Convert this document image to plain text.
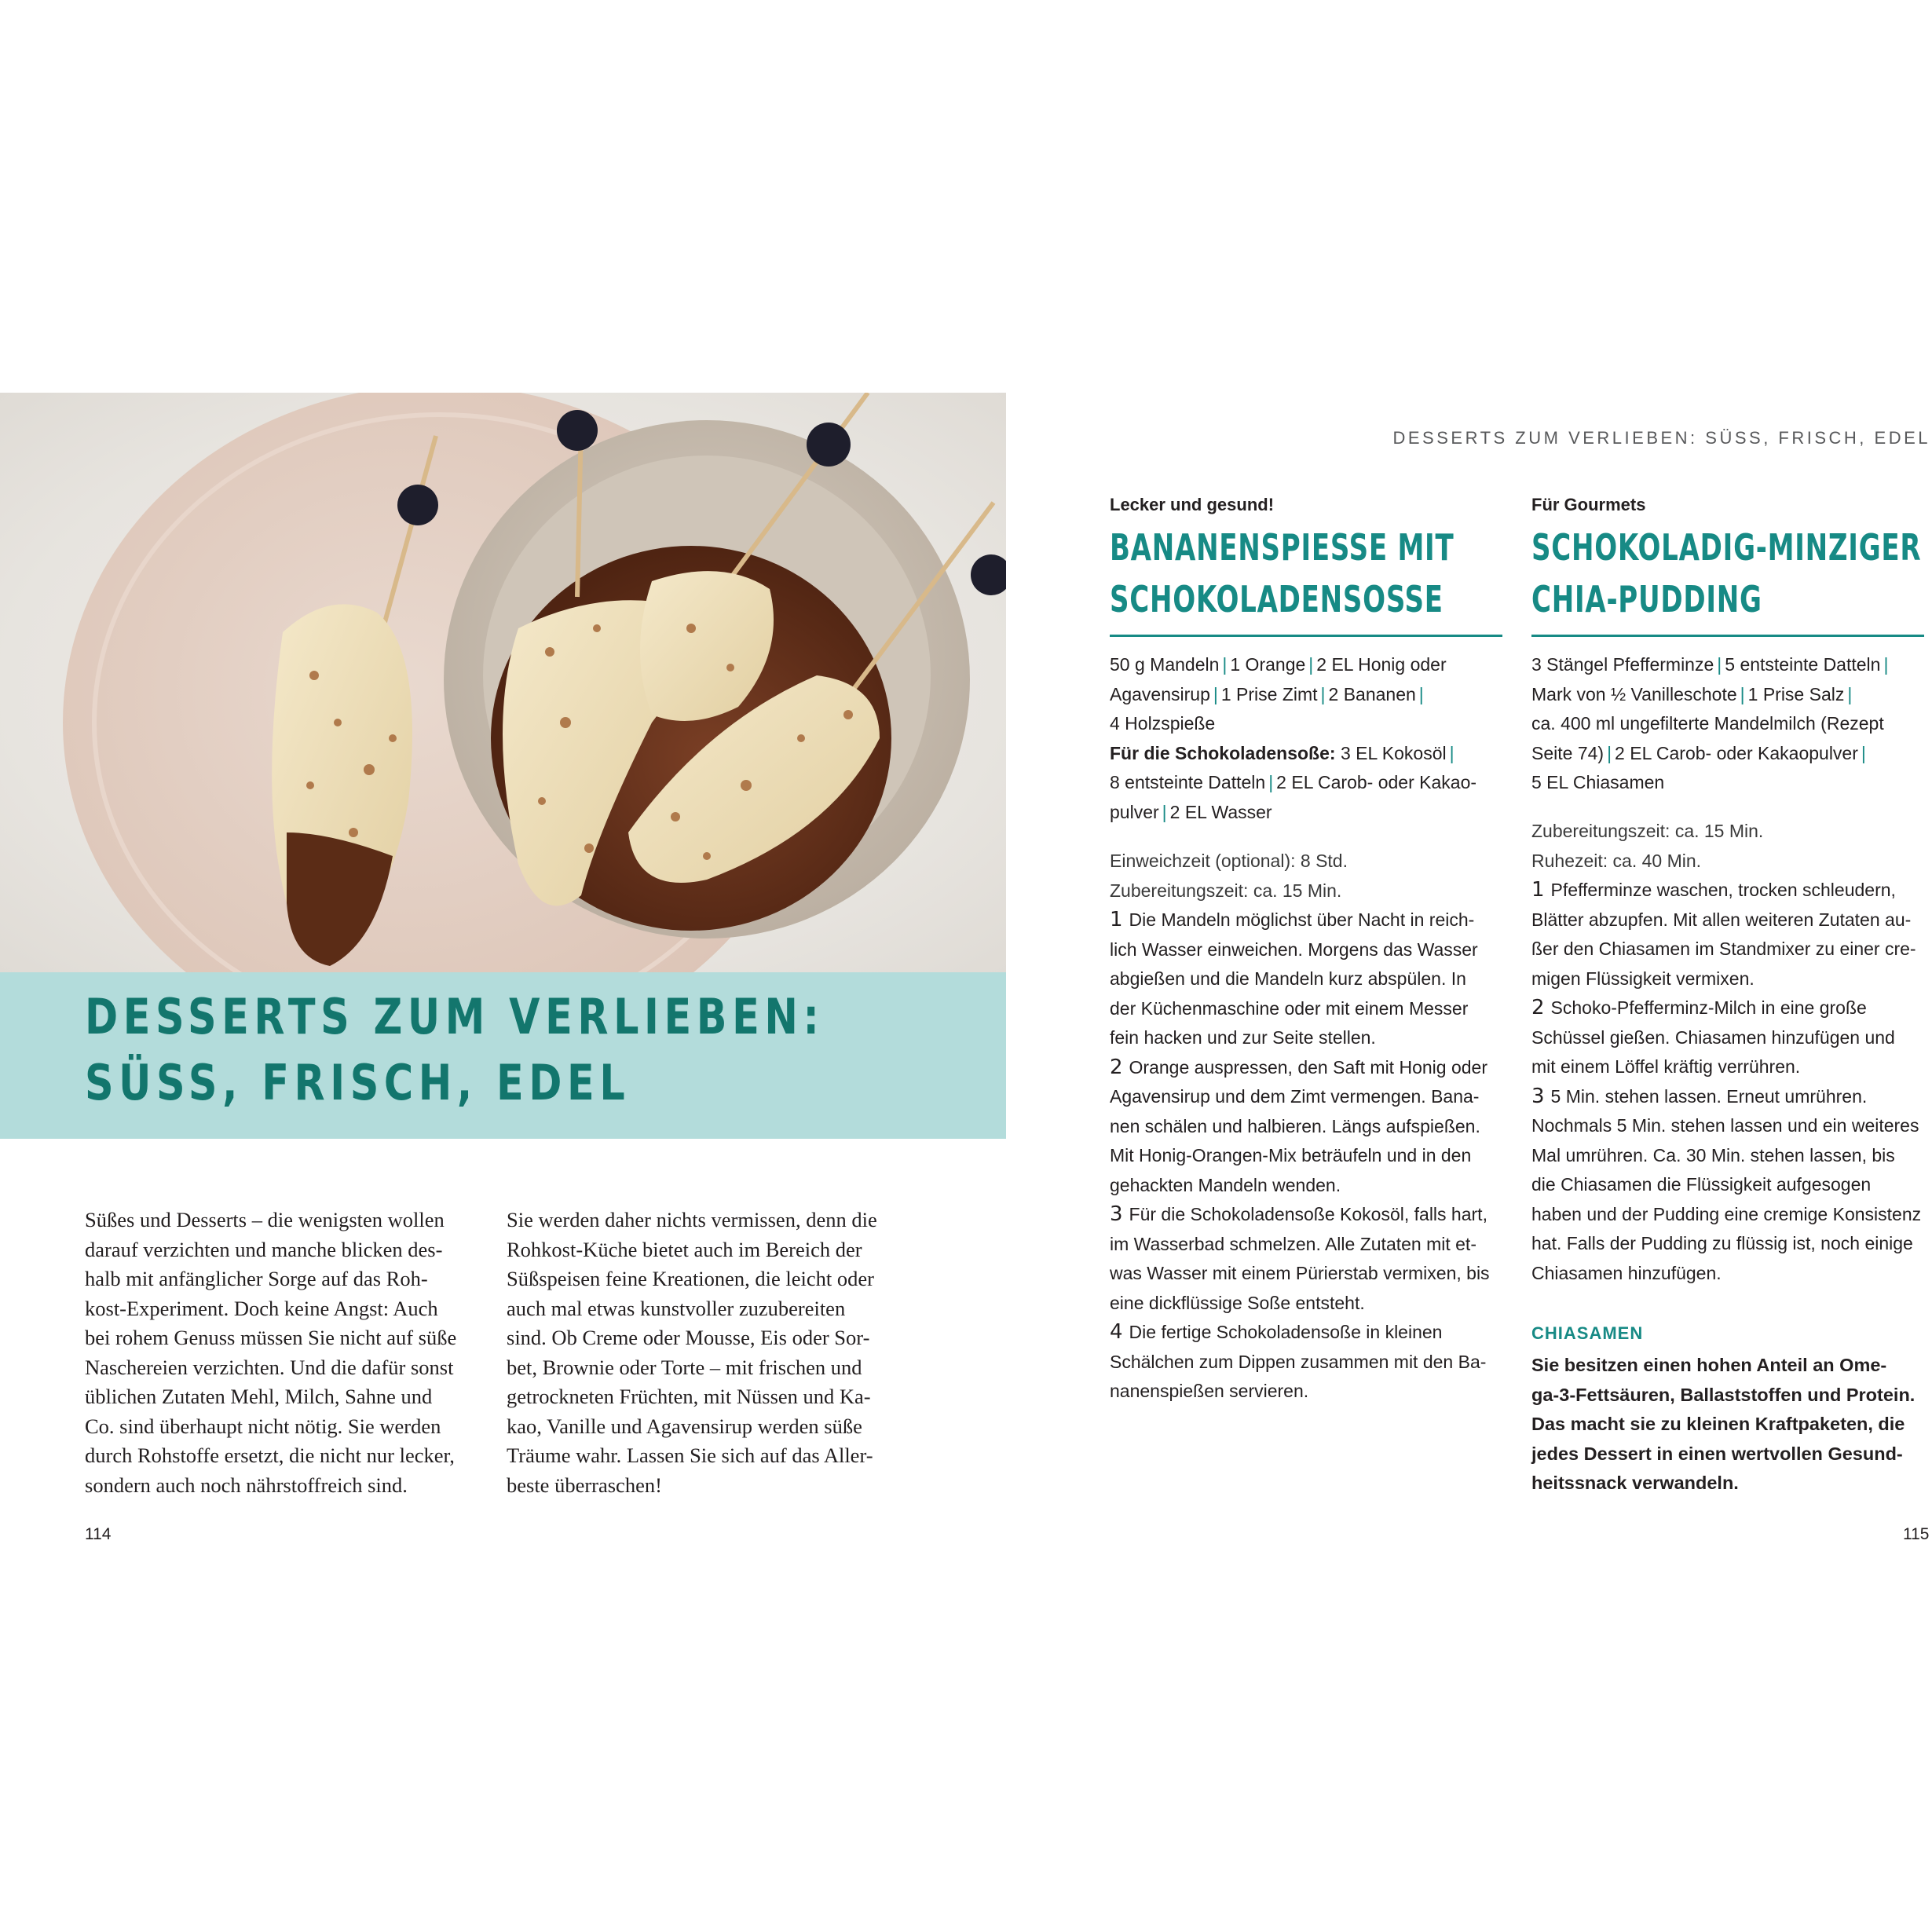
DESSERTS ZUM VERLIEBEN:
SÜSS, FRISCH, EDEL
Süßes und Desserts – die wenigsten wollen
darauf verzichten und manche blicken des-
halb mit anfänglicher Sorge auf das Roh-
kost-Experiment. Doch keine Angst: Auch
bei rohem Genuss müssen Sie nicht auf süße
Naschereien verzichten. Und die dafür sonst
üblichen Zutaten Mehl, Milch, Sahne und
Co. sind überhaupt nicht nötig. Sie werden
durch Rohstoffe ersetzt, die nicht nur lecker,
sondern auch noch nährstoffreich sind.
Sie werden daher nichts vermissen, denn die
Rohkost-Küche bietet auch im Bereich der
Süßspeisen feine Kreationen, die leicht oder
auch mal etwas kunstvoller zuzubereiten
sind. Ob Creme oder Mousse, Eis oder Sor-
bet, Brownie oder Torte – mit frischen und
getrockneten Früchten, mit Nüssen und Ka-
kao, Vanille und Agavensirup werden süße
Träume wahr. Lassen Sie sich auf das Aller-
beste überraschen!
114
DESSERTS ZUM VERLIEBEN: SÜSS, FRISCH, EDEL
Lecker und gesund!
BANANENSPIESSE MIT
SCHOKOLADENSOSSE
50 g Mandeln | 1 Orange | 2 EL Honig oder
Agavensirup | 1 Prise Zimt | 2 Bananen |
4 Holzspieße
Für die Schokoladensoße: 3 EL Kokosöl |
8 entsteinte Datteln | 2 EL Carob- oder Kakao-
pulver | 2 EL Wasser
Einweichzeit (optional): 8 Std.
Zubereitungszeit: ca. 15 Min.
1 Die Mandeln möglichst über Nacht in reich-
lich Wasser einweichen. Morgens das Wasser
abgießen und die Mandeln kurz abspülen. In
der Küchenmaschine oder mit einem Messer
fein hacken und zur Seite stellen.
2 Orange auspressen, den Saft mit Honig oder
Agavensirup und dem Zimt vermengen. Bana-
nen schälen und halbieren. Längs aufspießen.
Mit Honig-Orangen-Mix beträufeln und in den
gehackten Mandeln wenden.
3 Für die Schokoladensoße Kokosöl, falls hart,
im Wasserbad schmelzen. Alle Zutaten mit et-
was Wasser mit einem Pürierstab vermixen, bis
eine dickflüssige Soße entsteht.
4 Die fertige Schokoladensoße in kleinen
Schälchen zum Dippen zusammen mit den Ba-
nanenspießen servieren.
Für Gourmets
SCHOKOLADIG-MINZIGER
CHIA-PUDDING
3 Stängel Pfefferminze | 5 entsteinte Datteln |
Mark von ½ Vanilleschote | 1 Prise Salz |
ca. 400 ml ungefilterte Mandelmilch (Rezept
Seite 74) | 2 EL Carob- oder Kakaopulver |
5 EL Chiasamen
Zubereitungszeit: ca. 15 Min.
Ruhezeit: ca. 40 Min.
1 Pfefferminze waschen, trocken schleudern,
Blätter abzupfen. Mit allen weiteren Zutaten au-
ßer den Chiasamen im Standmixer zu einer cre-
migen Flüssigkeit vermixen.
2 Schoko-Pfefferminz-Milch in eine große
Schüssel gießen. Chiasamen hinzufügen und
mit einem Löffel kräftig verrühren.
3 5 Min. stehen lassen. Erneut umrühren.
Nochmals 5 Min. stehen lassen und ein weiteres
Mal umrühren. Ca. 30 Min. stehen lassen, bis
die Chiasamen die Flüssigkeit aufgesogen
haben und der Pudding eine cremige Konsistenz
hat. Falls der Pudding zu flüssig ist, noch einige
Chiasamen hinzufügen.
CHIASAMEN
Sie besitzen einen hohen Anteil an Ome-
ga-3-Fettsäuren, Ballaststoffen und Protein.
Das macht sie zu kleinen Kraftpaketen, die
jedes Dessert in einen wertvollen Gesund-
heitssnack verwandeln.
115
